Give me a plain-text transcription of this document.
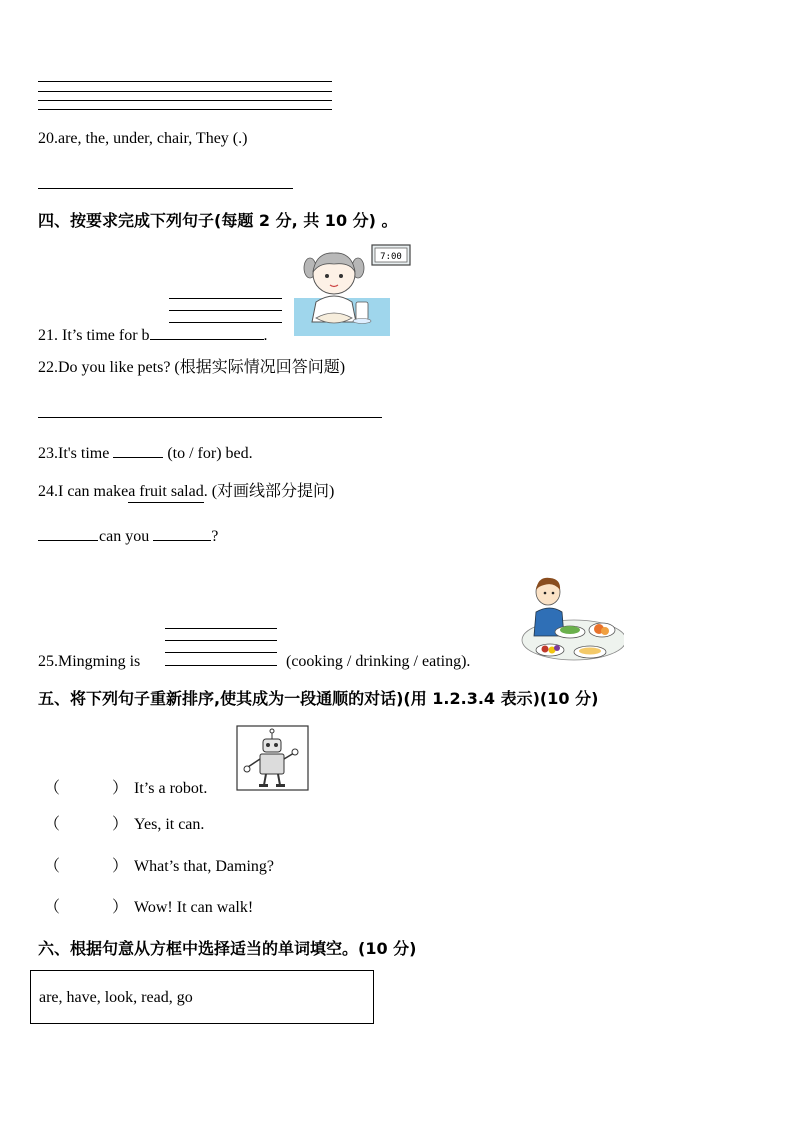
20.are, the, under, chair, They (.)
四、按要求完成下列句子(每题 2 分, 共 10 分) 。
21. It’s time for b	.
7:00
22.Do you like pets? (根据实际情况回答问题)
23.It's time	(to / for) bed.
24.I can makea fruit salad. (对画线部分提问)
can you	?
25.Mingming is	(cooking / drinking / eating).
五、将下列句子重新排序,使其成为一段通顺的对话)(用 1.2.3.4 表示)(10 分)
（	） It’s a robot.
（	） Yes, it can.
（	） What’s that, Daming?
（	） Wow! It can walk!
六、根据句意从方框中选择适当的单词填空。(10 分)
are, have, look, read, go
